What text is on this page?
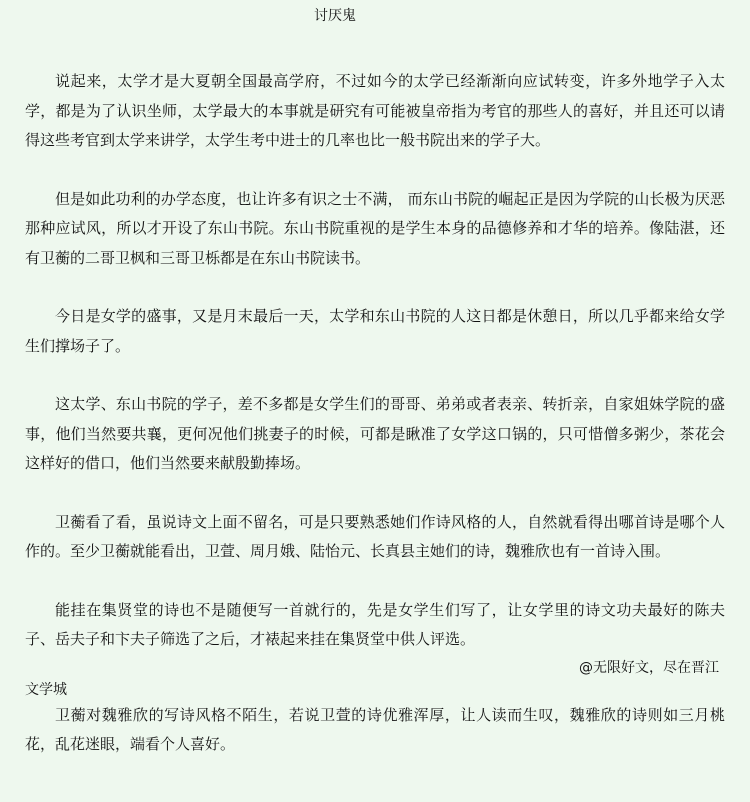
讨厌鬼

说起来，太学才是大夏朝全国最高学府，不过如今的太学已经渐渐向应试转变，许多外地学子入太学，都是为了认识坐师，太学最大的本事就是研究有可能被皇帝指为考官的那些人的喜好，并且还可以请得这些考官到太学来讲学，太学生考中进士的几率也比一般书院出来的学子大。

但是如此功利的办学态度，也让许多有识之士不满， 而东山书院的崛起正是因为学院的山长极为厌恶那种应试风，所以才开设了东山书院。东山书院重视的是学生本身的品德修养和才华的培养。像陆湛，还有卫蘅的二哥卫枫和三哥卫栎都是在东山书院读书。

今日是女学的盛事，又是月末最后一天，太学和东山书院的人这日都是休憩日，所以几乎都来给女学生们撑场子了。

这太学、东山书院的学子，差不多都是女学生们的哥哥、弟弟或者表亲、转折亲，自家姐妹学院的盛事，他们当然要共襄，更何况他们挑妻子的时候，可都是瞅准了女学这口锅的，只可惜僧多粥少，茶花会这样好的借口，他们当然要来献殷勤捧场。

卫蘅看了看，虽说诗文上面不留名，可是只要熟悉她们作诗风格的人，自然就看得出哪首诗是哪个人作的。至少卫蘅就能看出，卫萱、周月娥、陆怡元、长真县主她们的诗，魏雅欣也有一首诗入围。

能挂在集贤堂的诗也不是随便写一首就行的，先是女学生们写了，让女学里的诗文功夫最好的陈夫子、岳夫子和卞夫子筛选了之后，才裱起来挂在集贤堂中供人评选。

@无限好文，尽在晋江
文学城

卫蘅对魏雅欣的写诗风格不陌生，若说卫萱的诗优雅浑厚，让人读而生叹，魏雅欣的诗则如三月桃花，乱花迷眼，端看个人喜好。
